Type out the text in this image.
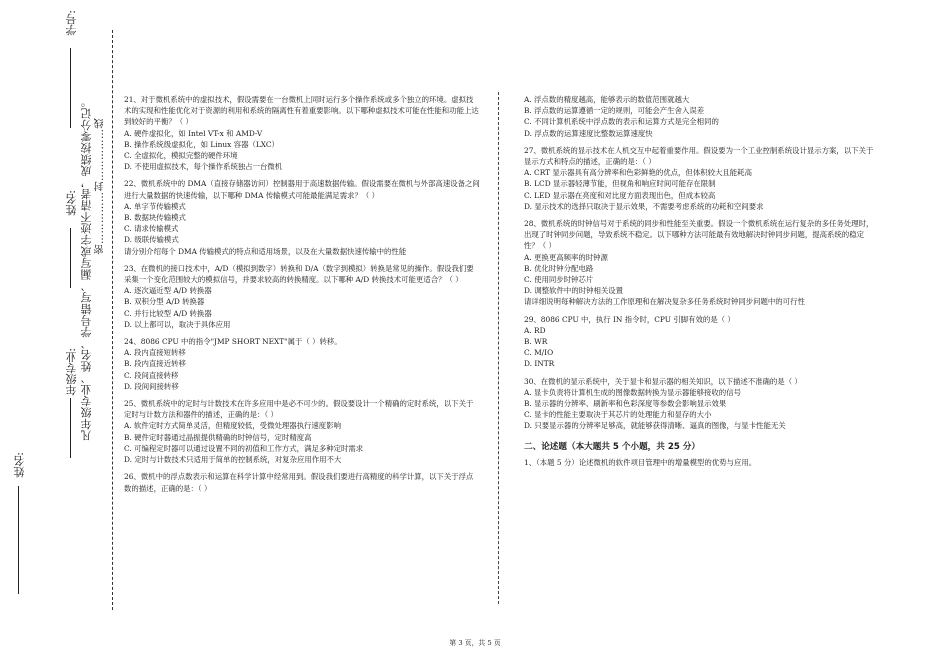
学号:
凡年级专业、姓名、学号错写、漏写或字迹不清者，成绩按零分记。
姓名:
年级专业:
姓名:
密……………封……………线

21、对于微机系统中的虚拟技术，假设需要在一台微机上同时运行多个操作系统或多个独立的环境。虚拟技术的实现和性能优化对于资源的利用和系统的隔离性有着重要影响。以下哪种虚拟技术可能在性能和功能上达到较好的平衡？（ ）

A. 硬件虚拟化，如 Intel VT-x 和 AMD-V

B. 操作系统级虚拟化，如 Linux 容器（LXC）

C. 全虚拟化，模拟完整的硬件环境

D. 不使用虚拟技术，每个操作系统独占一台微机

22、微机系统中的 DMA（直接存储器访问）控制器用于高速数据传输。假设需要在微机与外部高速设备之间进行大量数据的快速传输，以下哪种 DMA 传输模式可能最能满足需求？（ ）

A. 单字节传输模式

B. 数据块传输模式

C. 请求传输模式

D. 级联传输模式

请分别介绍每个 DMA 传输模式的特点和适用场景，以及在大量数据快速传输中的性能

23、在微机的接口技术中，A/D（模拟到数字）转换和 D/A（数字到模拟）转换是常见的操作。假设我们要采集一个变化范围较大的模拟信号，并要求较高的转换精度。以下哪种 A/D 转换技术可能更适合？（ ）

A. 逐次逼近型 A/D 转换器

B. 双积分型 A/D 转换器

C. 并行比较型 A/D 转换器

D. 以上都可以，取决于具体应用

24、8086 CPU 中的指令"JMP SHORT NEXT"属于（ ）转移。

A. 段内直接短转移

B. 段内直接近转移

C. 段间直接转移

D. 段间间接转移

25、微机系统中的定时与计数技术在许多应用中是必不可少的。假设要设计一个精确的定时系统，以下关于定时与计数方法和器件的描述，正确的是：（ ）

A. 软件定时方式简单灵活，但精度较低，受微处理器执行速度影响

B. 硬件定时器通过晶振提供精确的时钟信号，定时精度高

C. 可编程定时器可以通过设置不同的初值和工作方式，满足多种定时需求

D. 定时与计数技术只适用于简单的控制系统，对复杂应用作用不大

26、微机中的浮点数表示和运算在科学计算中经常用到。假设我们要进行高精度的科学计算，以下关于浮点数的描述，正确的是：（ ）

A. 浮点数的精度越高，能够表示的数值范围就越大

B. 浮点数的运算遵循一定的规则，可能会产生舍入误差

C. 不同计算机系统中浮点数的表示和运算方式是完全相同的

D. 浮点数的运算速度比整数运算速度快

27、微机系统的显示技术在人机交互中起着重要作用。假设要为一个工业控制系统设计显示方案，以下关于显示方式和特点的描述，正确的是：（ ）

A. CRT 显示器具有高分辨率和色彩鲜艳的优点，但体积较大且能耗高

B. LCD 显示器轻薄节能，但视角和响应时间可能存在限制

C. LED 显示器在亮度和对比度方面表现出色，但成本较高

D. 显示技术的选择只取决于显示效果，不需要考虑系统的功耗和空间要求

28、微机系统的时钟信号对于系统的同步和性能至关重要。假设一个微机系统在运行复杂的多任务处理时，出现了时钟同步问题，导致系统不稳定。以下哪种方法可能最有效地解决时钟同步问题，提高系统的稳定性？（ ）

A. 更换更高频率的时钟源

B. 优化时钟分配电路

C. 使用同步时钟芯片

D. 调整软件中的时钟相关设置

请详细说明每种解决方法的工作原理和在解决复杂多任务系统时钟同步问题中的可行性

29、8086 CPU 中，执行 IN 指令时，CPU 引脚有效的是（ ）

A. RD

B. WR

C. M/IO

D. INTR

30、在微机的显示系统中，关于显卡和显示器的相关知识，以下描述不准确的是（ ）

A. 显卡负责将计算机生成的图像数据转换为显示器能够接收的信号

B. 显示器的分辨率、刷新率和色彩深度等参数会影响显示效果

C. 显卡的性能主要取决于其芯片的处理能力和显存的大小

D. 只要显示器的分辨率足够高，就能够获得清晰、逼真的图像，与显卡性能无关

二、论述题（本大题共 5 个小题，共 25 分）

1、（本题 5 分）论述微机的软件项目管理中的增量模型的优势与应用。

第 3 页，共 5 页
